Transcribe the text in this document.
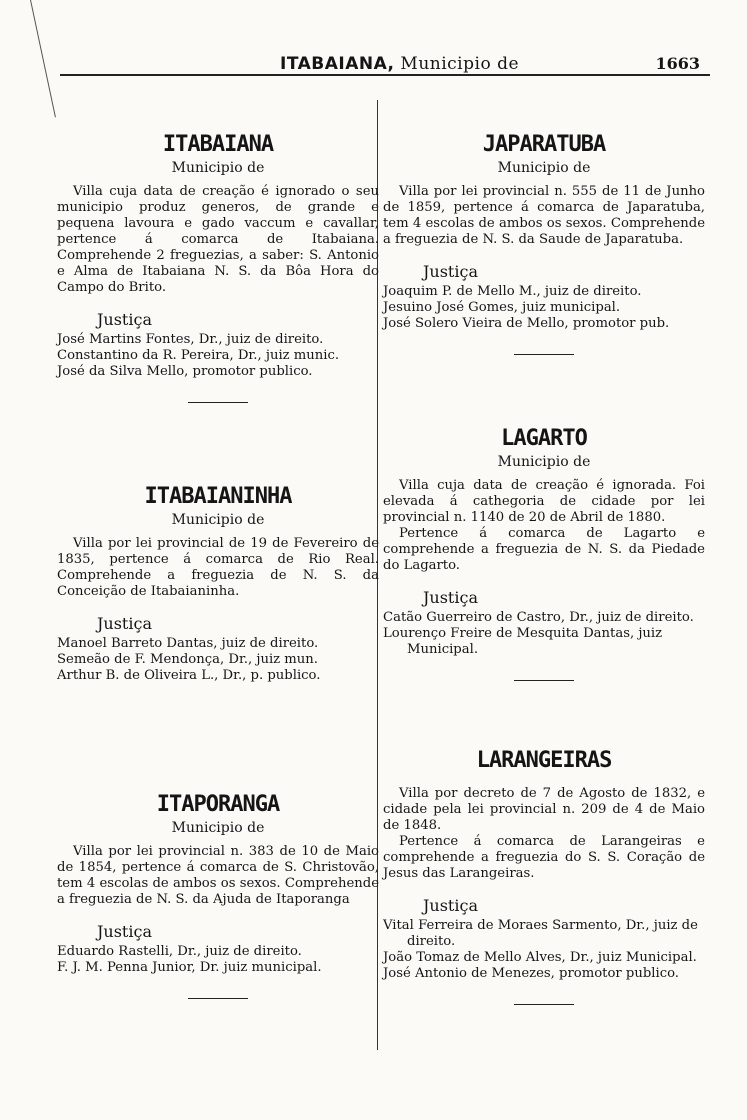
ITABAIANA, Municipio de	1663
ITABAIANA
Municipio de

Villa cuja data de creação é ignorado o seu municipio produz generos, de grande e pequena lavoura e gado vaccum e cavallar, pertence á comarca de Itabaiana. Comprehende 2 freguezias, a saber: S. Antonio e Alma de Itabaiana N. S. da Bôa Hora do Campo do Brito.

Justiça
José Martins Fontes, Dr., juiz de direito.
Constantino da R. Pereira, Dr., juiz munic.
José da Silva Mello, promotor publico.
ITABAIANINHA
Municipio de

Villa por lei provincial de 19 de Fevereiro de 1835, pertence á comarca de Rio Real. Comprehende a freguezia de N. S. da Conceição de Itabaianinha.

Justiça
Manoel Barreto Dantas, juiz de direito.
Semeão de F. Mendonça, Dr., juiz mun.
Arthur B. de Oliveira L., Dr., p. publico.
ITAPORANGA
Municipio de

Villa por lei provincial n. 383 de 10 de Maio de 1854, pertence á comarca de S. Christovão, tem 4 escolas de ambos os sexos. Comprehende a freguezia de N. S. da Ajuda de Itaporanga

Justiça
Eduardo Rastelli, Dr., juiz de direito.
F. J. M. Penna Junior, Dr. juiz municipal.
JAPARATUBA
Municipio de

Villa por lei provincial n. 555 de 11 de Junho de 1859, pertence á comarca de Japaratuba, tem 4 escolas de ambos os sexos. Comprehende a freguezia de N. S. da Saude de Japaratuba.

Justiça
Joaquim P. de Mello M., juiz de direito.
Jesuino José Gomes, juiz municipal.
José Solero Vieira de Mello, promotor pub.
LAGARTO
Municipio de

Villa cuja data de creação é ignorada. Foi elevada á cathegoria de cidade por lei provincial n. 1140 de 20 de Abril de 1880.

Pertence á comarca de Lagarto e comprehende a freguezia de N. S. da Piedade do Lagarto.

Justiça
Catão Guerreiro de Castro, Dr., juiz de direito.
Lourenço Freire de Mesquita Dantas, juiz Municipal.
LARANGEIRAS

Villa por decreto de 7 de Agosto de 1832, e cidade pela lei provincial n. 209 de 4 de Maio de 1848.

Pertence á comarca de Larangeiras e comprehende a freguezia do S. S. Coração de Jesus das Larangeiras.

Justiça
Vital Ferreira de Moraes Sarmento, Dr., juiz de direito.
João Tomaz de Mello Alves, Dr., juiz Municipal.
José Antonio de Menezes, promotor publico.
